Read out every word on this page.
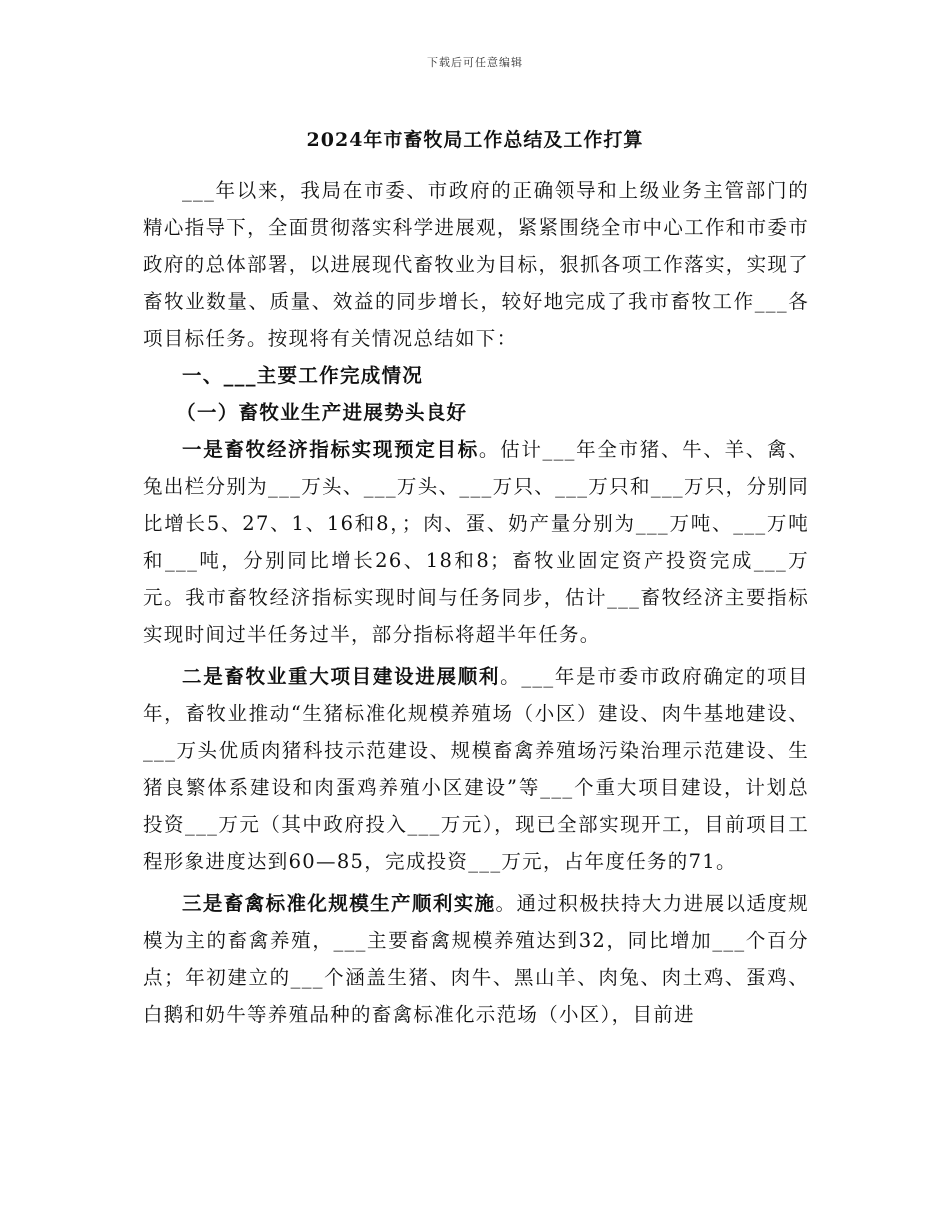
下载后可任意编辑
2024年市畜牧局工作总结及工作打算

___年以来，我局在市委、市政府的正确领导和上级业务主管部门的精心指导下，全面贯彻落实科学进展观，紧紧围绕全市中心工作和市委市政府的总体部署，以进展现代畜牧业为目标，狠抓各项工作落实，实现了畜牧业数量、质量、效益的同步增长，较好地完成了我市畜牧工作___各项目标任务。按现将有关情况总结如下：

一、___主要工作完成情况

（一）畜牧业生产进展势头良好

一是畜牧经济指标实现预定目标。估计___年全市猪、牛、羊、禽、兔出栏分别为___万头、___万头、___万只、___万只和___万只，分别同比增长5、27、1、16和8，；肉、蛋、奶产量分别为___万吨、___万吨和___吨，分别同比增长26、18和8；畜牧业固定资产投资完成___万元。我市畜牧经济指标实现时间与任务同步，估计___畜牧经济主要指标实现时间过半任务过半，部分指标将超半年任务。

二是畜牧业重大项目建设进展顺利。___年是市委市政府确定的项目年，畜牧业推动“生猪标准化规模养殖场（小区）建设、肉牛基地建设、___万头优质肉猪科技示范建设、规模畜禽养殖场污染治理示范建设、生猪良繁体系建设和肉蛋鸡养殖小区建设”等___个重大项目建设，计划总投资___万元（其中政府投入___万元），现已全部实现开工，目前项目工程形象进度达到60—85，完成投资___万元，占年度任务的71。

三是畜禽标准化规模生产顺利实施。通过积极扶持大力进展以适度规模为主的畜禽养殖，___主要畜禽规模养殖达到32，同比增加___个百分点；年初建立的___个涵盖生猪、肉牛、黑山羊、肉兔、肉土鸡、蛋鸡、白鹅和奶牛等养殖品种的畜禽标准化示范场（小区），目前进
